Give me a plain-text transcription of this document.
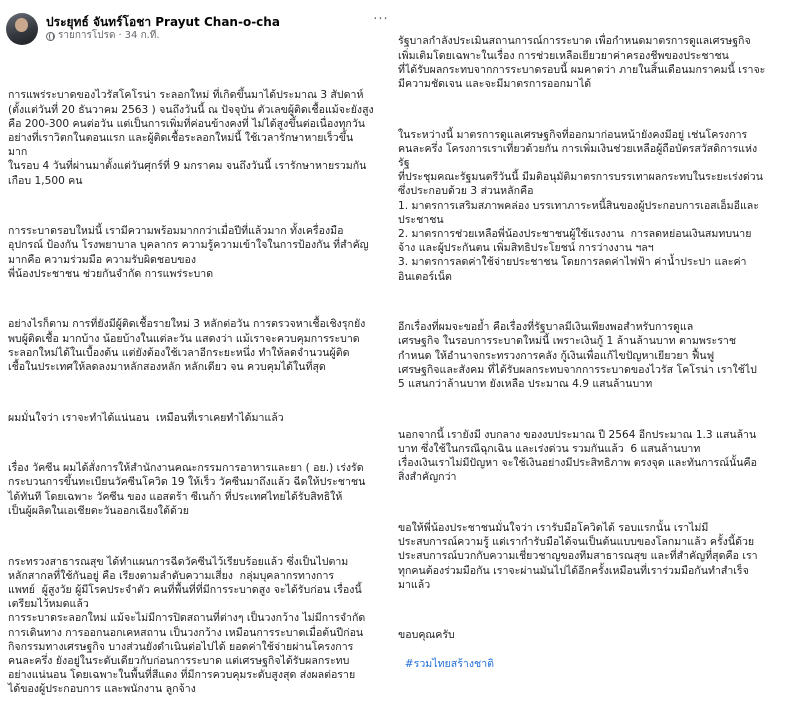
ประยุทธ์ จันทร์โอชา Prayut Chan-o-cha
รายการโปรด · 34 ก.ที.
···

การแพร่ระบาดของไวรัสโคโรน่า ระลอกใหม่ ที่เกิดขึ้นมาได้ประมาณ 3 สัปดาห์
(ตั้งแต่วันที่ 20 ธันวาคม 2563 ) จนถึงวันนี้ ณ ปัจจุบัน ตัวเลขผู้ติดเชื้อแม้จะยังสูง
คือ 200-300 คนต่อวัน แต่เป็นการเพิ่มที่ค่อนข้างคงที่ ไม่ได้สูงขึ้นต่อเนื่องทุกวัน
อย่างที่เราวิตกในตอนแรก และผู้ติดเชื้อระลอกใหม่นี้ ใช้เวลารักษาหายเร็วขึ้น
มาก
ในรอบ 4 วันที่ผ่านมาตั้งแต่วันศุกร์ที่ 9 มกราคม จนถึงวันนี้ เรารักษาหายรวมกัน
เกือบ 1,500 คน

การระบาดรอบใหม่นี้ เรามีความพร้อมมากกว่าเมื่อปีที่แล้วมาก ทั้งเครื่องมือ
อุปกรณ์ ป้องกัน โรงพยาบาล บุคลากร ความรู้ความเข้าใจในการป้องกัน ที่สำคัญ
มากคือ ความร่วมมือ ความรับผิดชอบของ
พี่น้องประชาชน ช่วยกันจำกัด การแพร่ระบาด

อย่างไรก็ตาม การที่ยังมีผู้ติดเชื้อรายใหม่ 3 หลักต่อวัน การตรวจหาเชื้อเชิงรุกยัง
พบผู้ติดเชื้อ มากบ้าง น้อยบ้างในแต่ละวัน แสดงว่า แม้เราจะควบคุมการระบาด
ระลอกใหม่ได้ในเบื้องต้น แต่ยังต้องใช้เวลาอีกระยะหนึ่ง ทำให้ลดจำนวนผู้ติด
เชื้อในประเทศให้ลดลงมาหลักสองหลัก หลักเดียว จน ควบคุมได้ในที่สุด

ผมมั่นใจว่า เราจะทำได้แน่นอน  เหมือนที่เราเคยทำได้มาแล้ว

เรื่อง วัคซีน ผมได้สั่งการให้สำนักงานคณะกรรมการอาหารและยา ( อย.) เร่งรัด
กระบวนการขึ้นทะเบียนวัคซีนโควิด 19 ให้เร็ว วัคซีนมาถึงแล้ว ฉีดให้ประชาชน
ได้ทันที โดยเฉพาะ วัคซีน ของ แอสตร้า ซีเนก้า ที่ประเทศไทยได้รับสิทธิให้
เป็นผู้ผลิตในเอเชียตะวันออกเฉียงใต้ด้วย

กระทรวงสาธารณสุข ได้ทำแผนการฉีดวัคซีนไว้เรียบร้อยแล้ว ซึ่งเป็นไปตาม
หลักสากลที่ใช้กันอยู่ คือ เรียงตามลำดับความเสี่ยง  กลุ่มบุคลากรทางการ
แพทย์  ผู้สูงวัย ผู้มีโรคประจำตัว คนที่พื้นที่ที่มีการระบาดสูง จะได้รับก่อน เรื่องนี้
เตรียมไว้หมดแล้ว
การระบาดระลอกใหม่ แม้จะไม่มีการปิดสถานที่ต่างๆ เป็นวงกว้าง ไม่มีการจำกัด
การเดินทาง การออกนอกเคหสถาน เป็นวงกว้าง เหมือนการระบาดเมื่อต้นปีก่อน
กิจกรรมทางเศรษฐกิจ บางส่วนยังดำเนินต่อไปได้ ยอดค่าใช้จ่ายผ่านโครงการ
คนละครึ่ง ยังอยู่ในระดับเดียวกับก่อนการระบาด แต่เศรษฐกิจได้รับผลกระทบ
อย่างแน่นอน โดยเฉพาะในพื้นที่สีแดง ที่มีการควบคุมระดับสูงสุด ส่งผลต่อราย
ได้ของผู้ประกอบการ และพนักงาน ลูกจ้าง

รัฐบาลกำลังประเมินสถานการณ์การระบาด เพื่อกำหนดมาตรการดูแลเศรษฐกิจ
เพิ่มเติมโดยเฉพาะในเรื่อง การช่วยเหลือเยียวยาค่าครองชีพของประชาชน
ที่ได้รับผลกระทบจากการระบาดรอบนี้ ผมคาดว่า ภายในสิ้นเดือนมกราคมนี้ เราจะ
มีความชัดเจน และจะมีมาตรการออกมาได้

ในระหว่างนี้ มาตรการดูแลเศรษฐกิจที่ออกมาก่อนหน้ายังคงมีอยู่ เช่นโครงการ
คนละครึ่ง โครงการเราเที่ยวด้วยกัน การเพิ่มเงินช่วยเหลือผู้ถือบัตรสวัสดิการแห่ง
รัฐ
ที่ประชุมคณะรัฐมนตรีวันนี้ มีมติอนุมัติมาตรการบรรเทาผลกระทบในระยะเร่งด่วน
ซึ่งประกอบด้วย 3 ส่วนหลักคือ
1. มาตรการเสริมสภาพคล่อง บรรเทาภาระหนี้สินของผู้ประกอบการเอสเอ็มอีและ
ประชาชน
2. มาตรการช่วยเหลือพี่น้องประชาชนผู้ใช้แรงงาน  การลดหย่อนเงินสมทบนาย
จ้าง และผู้ประกันตน เพิ่มสิทธิประโยชน์ การว่างงาน ฯลฯ
3. มาตรการลดค่าใช้จ่ายประชาชน โดยการลดค่าไฟฟ้า ค่าน้ำประปา และค่า
อินเตอร์เน็ต

อีกเรื่องที่ผมจะขอย้ำ คือเรื่องที่รัฐบาลมีเงินเพียงพอสำหรับการดูแล
เศรษฐกิจ ในรอบการระบาดใหม่นี้ เพราะเงินกู้ 1 ล้านล้านบาท ตามพระราช
กำหนด ให้อำนาจกระทรวงการคลัง กู้เงินเพื่อแก้ไขปัญหาเยียวยา ฟื้นฟู
เศรษฐกิจและสังคม ที่ได้รับผลกระทบจากการระบาดของไวรัส โคโรน่า เราใช้ไป
5 แสนกว่าล้านบาท ยังเหลือ ประมาณ 4.9 แสนล้านบาท

นอกจากนี้ เรายังมี งบกลาง ของงบประมาณ ปี 2564 อีกประมาณ 1.3 แสนล้าน
บาท ซึ่งใช้ในกรณีฉุกเฉิน และเร่งด่วน รวมกันแล้ว  6 แสนล้านบาท
เรื่องเงินเราไม่มีปัญหา จะใช้เงินอย่างมีประสิทธิภาพ ตรงจุด และทันการณ์นั้นคือ
สิ่งสำคัญกว่า

ขอให้พี่น้องประชาชนมั่นใจว่า เรารับมือโควิดได้ รอบแรกนั้น เราไม่มี
ประสบการณ์ความรู้ แต่เรากำรับมือได้จนเป็นต้นแบบของโลกมาแล้ว ครั้งนี้ด้วย
ประสบการณ์บวกกับความเชี่ยวชาญของทีมสาธารณสุข และที่สำคัญที่สุดคือ เรา
ทุกคนต้องร่วมมือกัน เราจะผ่านมันไปได้อีกครั้งเหมือนที่เราร่วมมือกันทำสำเร็จ
มาแล้ว

ขอบคุณครับ

#รวมไทยสร้างชาติ
